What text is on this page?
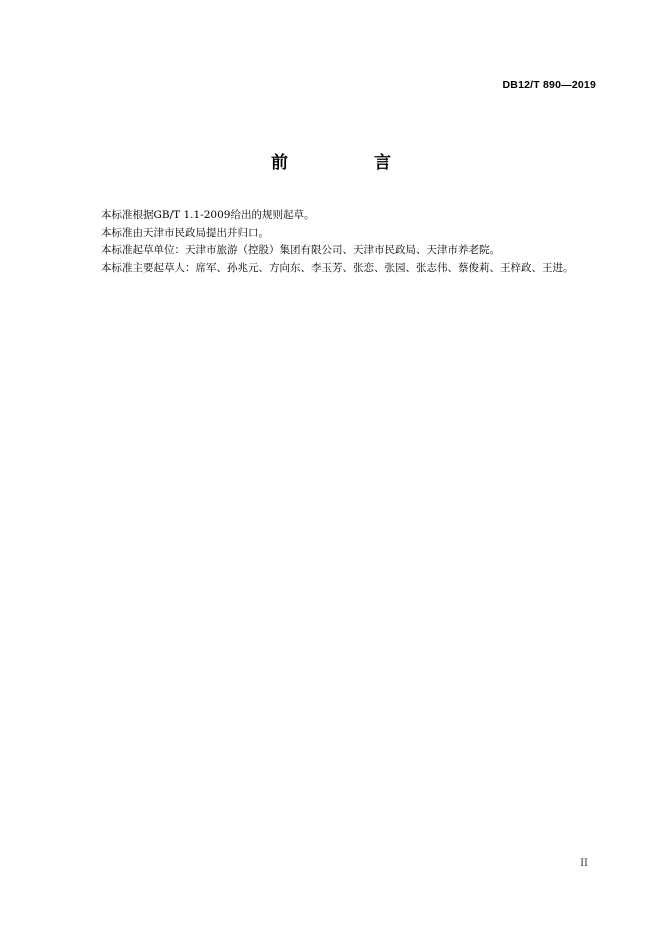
DB12/T 890—2019
前 言

本标准根据GB/T 1.1-2009给出的规则起草。

本标准由天津市民政局提出并归口。

本标准起草单位：天津市旅游（控股）集团有限公司、天津市民政局、天津市养老院。

本标准主要起草人：席军、孙兆元、方向东、李玉芳、张恋、张园、张志伟、蔡俊莉、王梓政、王进。

II
